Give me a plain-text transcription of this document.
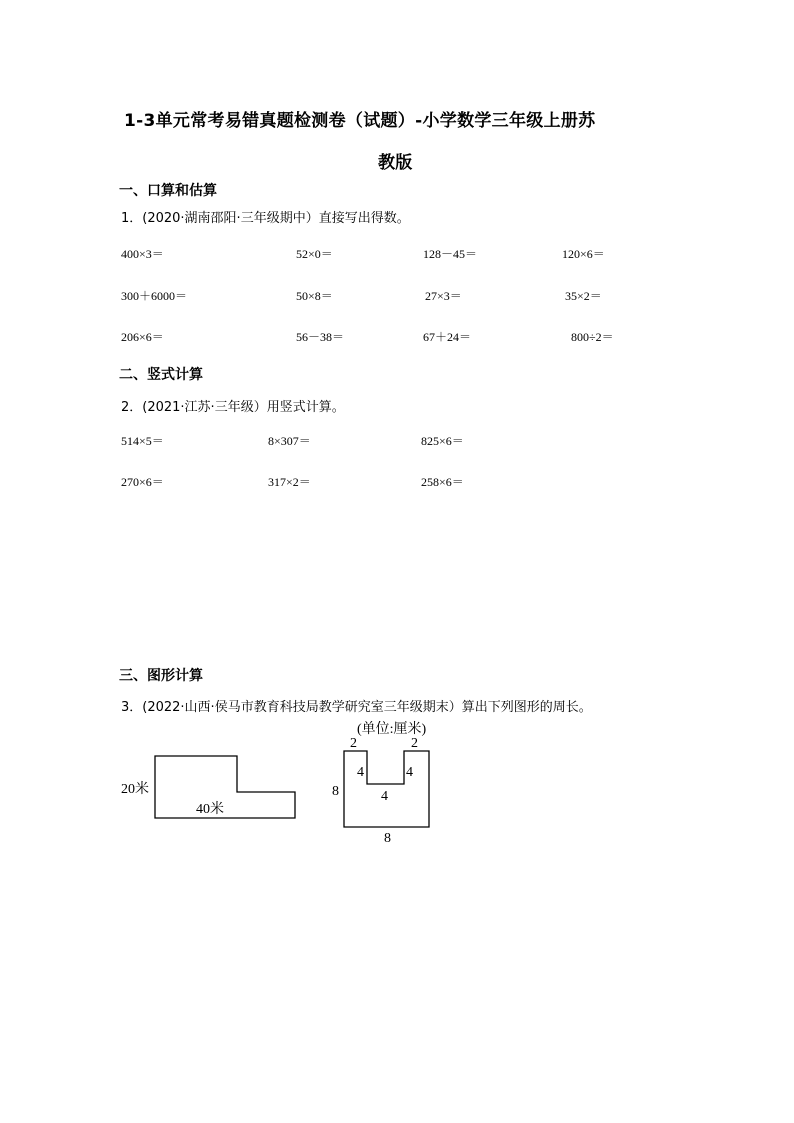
1-3单元常考易错真题检测卷（试题）-小学数学三年级上册苏
教版
一、口算和估算
1．(2020·湖南邵阳·三年级期中）直接写出得数。
400×3＝	52×0＝	128－45＝	120×6＝
300＋6000＝	50×8＝	27×3＝	35×2＝
206×6＝	56－38＝	67＋24＝	800÷2＝
二、竖式计算
2．(2021·江苏·三年级）用竖式计算。
514×5＝	8×307＝	825×6＝
270×6＝	317×2＝	258×6＝
三、图形计算
3．(2022·山西·侯马市教育科技局教学研究室三年级期末）算出下列图形的周长。
20米
40米
(单位:厘米)
2	2
4	4
4
8
8
